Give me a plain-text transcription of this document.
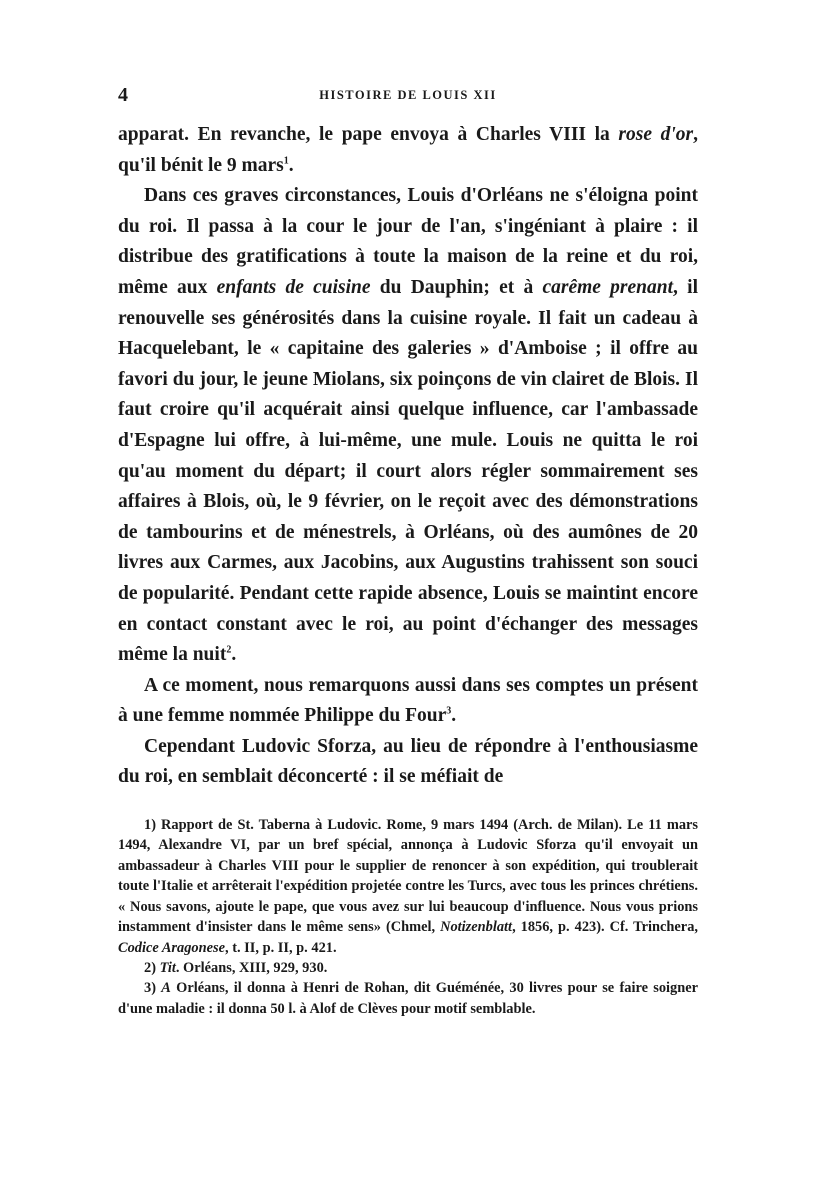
4	HISTOIRE DE LOUIS XII

apparat. En revanche, le pape envoya à Charles VIII la rose d'or, qu'il bénit le 9 mars$^1$.

Dans ces graves circonstances, Louis d'Orléans ne s'éloigna point du roi. Il passa à la cour le jour de l'an, s'ingéniant à plaire : il distribue des gratifications à toute la maison de la reine et du roi, même aux enfants de cuisine du Dauphin; et à carême prenant, il renouvelle ses générosités dans la cuisine royale. Il fait un cadeau à Hacquelebant, le « capitaine des galeries » d'Amboise ; il offre au favori du jour, le jeune Miolans, six poinçons de vin clairet de Blois. Il faut croire qu'il acquérait ainsi quelque influence, car l'ambassade d'Espagne lui offre, à lui-même, une mule. Louis ne quitta le roi qu'au moment du départ; il court alors régler sommairement ses affaires à Blois, où, le 9 février, on le reçoit avec des démonstrations de tambourins et de ménestrels, à Orléans, où des aumônes de 20 livres aux Carmes, aux Jacobins, aux Augustins trahissent son souci de popularité. Pendant cette rapide absence, Louis se maintint encore en contact constant avec le roi, au point d'échanger des messages même la nuit$^2$.

A ce moment, nous remarquons aussi dans ses comptes un présent à une femme nommée Philippe du Four$^3$.

Cependant Ludovic Sforza, au lieu de répondre à l'enthousiasme du roi, en semblait déconcerté : il se méfiait de

1) Rapport de St. Taberna à Ludovic. Rome, 9 mars 1494 (Arch. de Milan). Le 11 mars 1494, Alexandre VI, par un bref spécial, annonça à Ludovic Sforza qu'il envoyait un ambassadeur à Charles VIII pour le supplier de renoncer à son expédition, qui troublerait toute l'Italie et arrêterait l'expédition projetée contre les Turcs, avec tous les princes chrétiens. « Nous savons, ajoute le pape, que vous avez sur lui beaucoup d'influence. Nous vous prions instamment d'insister dans le même sens» (Chmel, Notizenblatt, 1856, p. 423). Cf. Trinchera, Codice Aragonese, t. II, p. II, p. 421.

2) Tit. Orléans, XIII, 929, 930.

3) A Orléans, il donna à Henri de Rohan, dit Guéménée, 30 livres pour se faire soigner d'une maladie : il donna 50 l. à Alof de Clèves pour motif semblable.
